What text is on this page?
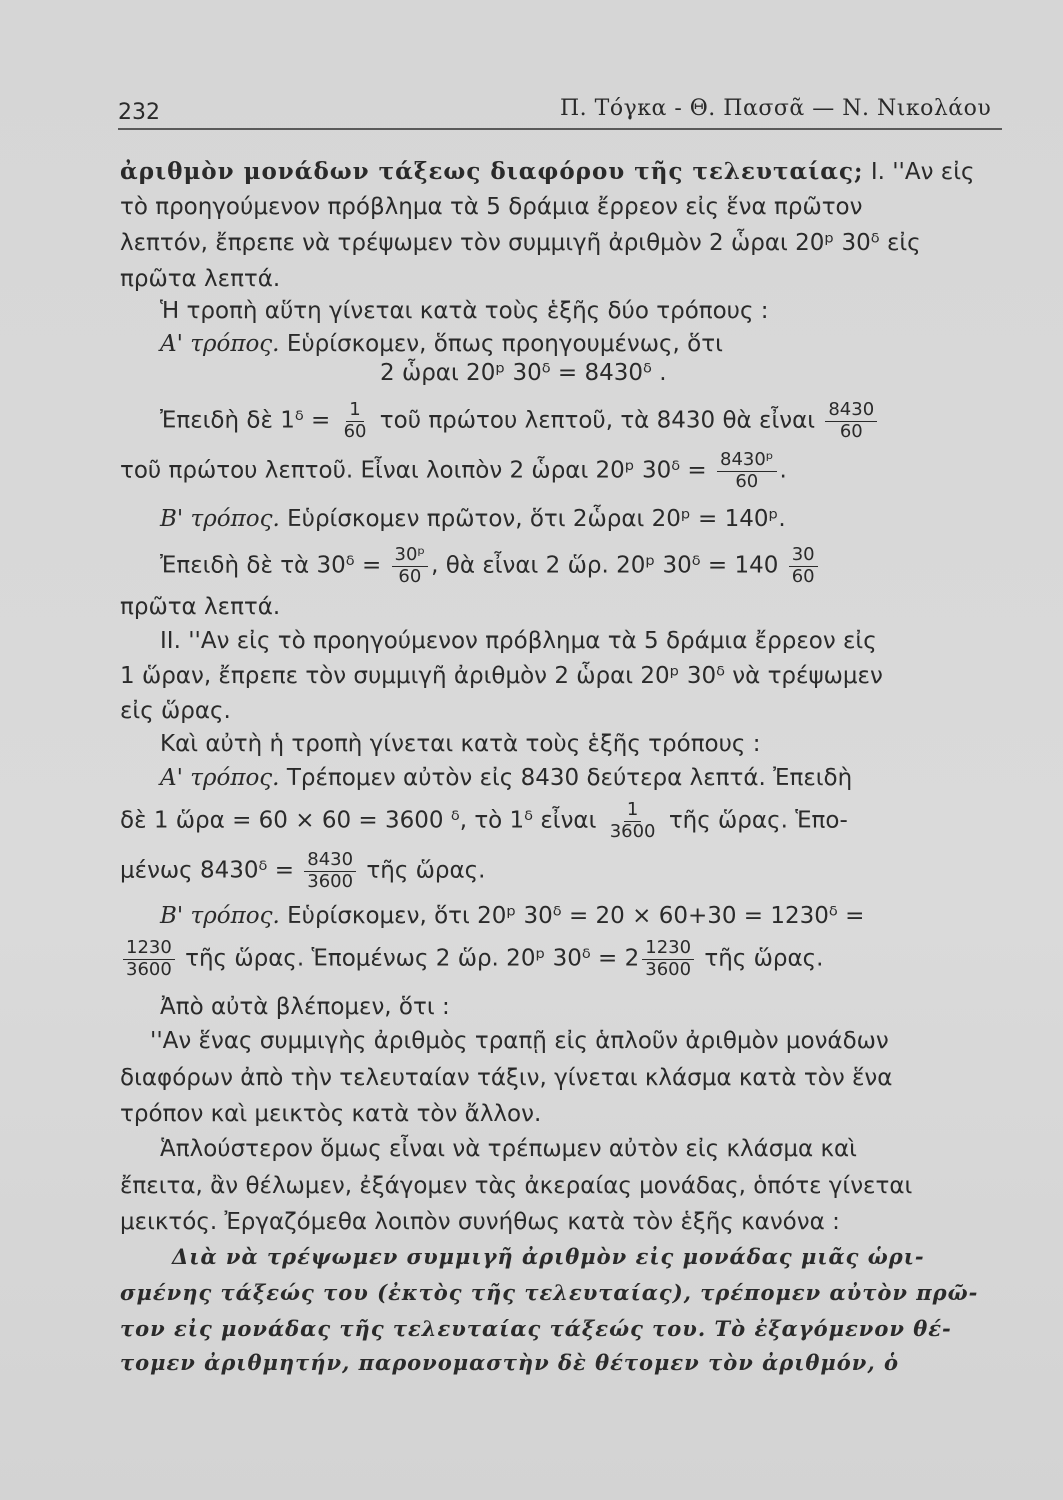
232	Π. Τόγκα - Θ. Πασσᾶ — Ν. Νικολάου
ἀριθμὸν μονάδων τάξεως διαφόρου τῆς τελευταίας; I. ''Αν εἰς
τὸ προηγούμενον πρόβλημα τὰ 5 δράμια ἔρρεον εἰς ἕνα πρῶτον
λεπτόν, ἔπρεπε νὰ τρέψωμεν τὸν συμμιγῆ ἀριθμὸν 2 ὧραι 20ᵖ 30ᵟ εἰς
πρῶτα λεπτά.
Ἡ τροπὴ αὕτη γίνεται κατὰ τοὺς ἑξῆς δύο τρόπους :
Α' τρόπος. Εὑρίσκομεν, ὅπως προηγουμένως, ὅτι
2 ὧραι 20ᵖ 30ᵟ = 8430ᵟ .
Ἐπειδὴ δὲ 1ᵟ = $\frac{1}{60}$ τοῦ πρώτου λεπτοῦ, τὰ 8430 θὰ εἶναι $\frac{8430}{60}$
τοῦ πρώτου λεπτοῦ. Εἶναι λοιπὸν 2 ὧραι 20ᵖ 30ᵟ = $\frac{\text{8430ᵖ}}{60}$ .
Β' τρόπος. Εὑρίσκομεν πρῶτον, ὅτι 2ὧραι 20ᵖ = 140ᵖ.
Ἐπειδὴ δὲ τὰ 30ᵟ = $\frac{\text{30ᵖ}}{60}$ , θὰ εἶναι 2 ὥρ. 20ᵖ 30ᵟ = $140 \frac{30}{60}$
πρῶτα λεπτά.
II. ''Αν εἰς τὸ προηγούμενον πρόβλημα τὰ 5 δράμια ἔρρεον εἰς
1 ὥραν, ἔπρεπε τὸν συμμιγῆ ἀριθμὸν 2 ὧραι 20ᵖ 30ᵟ νὰ τρέψωμεν
εἰς ὥρας.
Καὶ αὐτὴ ἡ τροπὴ γίνεται κατὰ τοὺς ἑξῆς τρόπους :
Α' τρόπος. Τρέπομεν αὐτὸν εἰς 8430 δεύτερα λεπτά. Ἐπειδὴ
δὲ 1 ὥρα = 60 × 60 = 3600 ᵟ, τὸ 1ᵟ εἶναι $\frac{1}{3600}$ τῆς ὥρας. Ἑπο-
μένως 8430ᵟ = $\frac{8430}{3600}$ τῆς ὥρας.
Β' τρόπος. Εὑρίσκομεν, ὅτι 20ᵖ 30ᵟ = 20 × 60+30 = 1230ᵟ =
$\frac{1230}{3600}$ τῆς ὥρας. Ἑπομένως 2 ὥρ. 20ᵖ 30ᵟ = $2 \frac{1230}{3600}$ τῆς ὥρας.
Ἀπὸ αὐτὰ βλέπομεν, ὅτι :
''Αν ἕνας συμμιγὴς ἀριθμὸς τραπῇ εἰς ἁπλοῦν ἀριθμὸν μονάδων
διαφόρων ἀπὸ τὴν τελευταίαν τάξιν, γίνεται κλάσμα κατὰ τὸν ἕνα
τρόπον καὶ μεικτὸς κατὰ τὸν ἄλλον.
Ἁπλούστερον ὅμως εἶναι νὰ τρέπωμεν αὐτὸν εἰς κλάσμα καὶ
ἔπειτα, ἂν θέλωμεν, ἐξάγομεν τὰς ἀκεραίας μονάδας, ὁπότε γίνεται
μεικτός. Ἐργαζόμεθα λοιπὸν συνήθως κατὰ τὸν ἑξῆς κανόνα :
Διὰ νὰ τρέψωμεν συμμιγῆ ἀριθμὸν εἰς μονάδας μιᾶς ὡρι-
σμένης τάξεώς του (ἐκτὸς τῆς τελευταίας), τρέπομεν αὐτὸν πρῶ-
τον εἰς μονάδας τῆς τελευταίας τάξεώς του. Τὸ ἐξαγόμενον θέ-
τομεν ἀριθμητήν, παρονομαστὴν δὲ θέτομεν τὸν ἀριθμόν, ὁ
